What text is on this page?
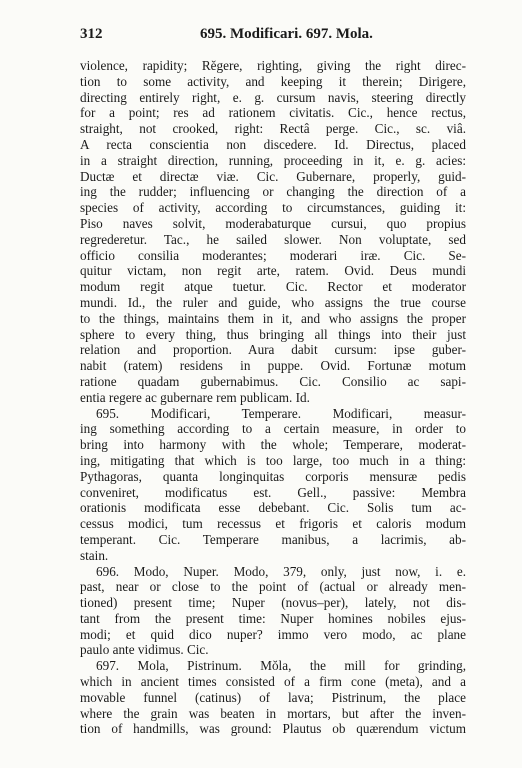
312	695. Modificari. 697. Mola.
violence, rapidity; Rĕgere, righting, giving the right direc-
tion to some activity, and keeping it therein; Dirigere,
directing entirely right, e. g. cursum navis, steering directly
for a point; res ad rationem civitatis. Cic., hence rectus,
straight, not crooked, right: Rectâ perge. Cic., sc. viâ.
A recta conscientia non discedere. Id. Directus, placed
in a straight direction, running, proceeding in it, e. g. acies:
Ductæ et directæ viæ. Cic. Gubernare, properly, guid-
ing the rudder; influencing or changing the direction of a
species of activity, according to circumstances, guiding it:
Piso naves solvit, moderabaturque cursui, quo propius
regrederetur. Tac., he sailed slower. Non voluptate, sed
officio consilia moderantes; moderari iræ. Cic. Se-
quitur victam, non regit arte, ratem. Ovid. Deus mundi
modum regit atque tuetur. Cic. Rector et moderator
mundi. Id., the ruler and guide, who assigns the true course
to the things, maintains them in it, and who assigns the proper
sphere to every thing, thus bringing all things into their just
relation and proportion. Aura dabit cursum: ipse guber-
nabit (ratem) residens in puppe. Ovid. Fortunæ motum
ratione quadam gubernabimus. Cic. Consilio ac sapi-
entia regere ac gubernare rem publicam. Id.
695. Modificari, Temperare. Modificari, measur-
ing something according to a certain measure, in order to
bring into harmony with the whole; Temperare, moderat-
ing, mitigating that which is too large, too much in a thing:
Pythagoras, quanta longinquitas corporis mensuræ pedis
conveniret, modificatus est. Gell., passive: Membra
orationis modificata esse debebant. Cic. Solis tum ac-
cessus modici, tum recessus et frigoris et caloris modum
temperant. Cic. Temperare manibus, a lacrimis, ab-
stain.
696. Modo, Nuper. Modo, 379, only, just now, i. e.
past, near or close to the point of (actual or already men-
tioned) present time; Nuper (novus–per), lately, not dis-
tant from the present time: Nuper homines nobiles ejus-
modi; et quid dico nuper? immo vero modo, ac plane
paulo ante vidimus. Cic.
697. Mola, Pistrinum. Mŏla, the mill for grinding,
which in ancient times consisted of a firm cone (meta), and a
movable funnel (catinus) of lava; Pistrinum, the place
where the grain was beaten in mortars, but after the inven-
tion of handmills, was ground: Plautus ob quærendum victum
